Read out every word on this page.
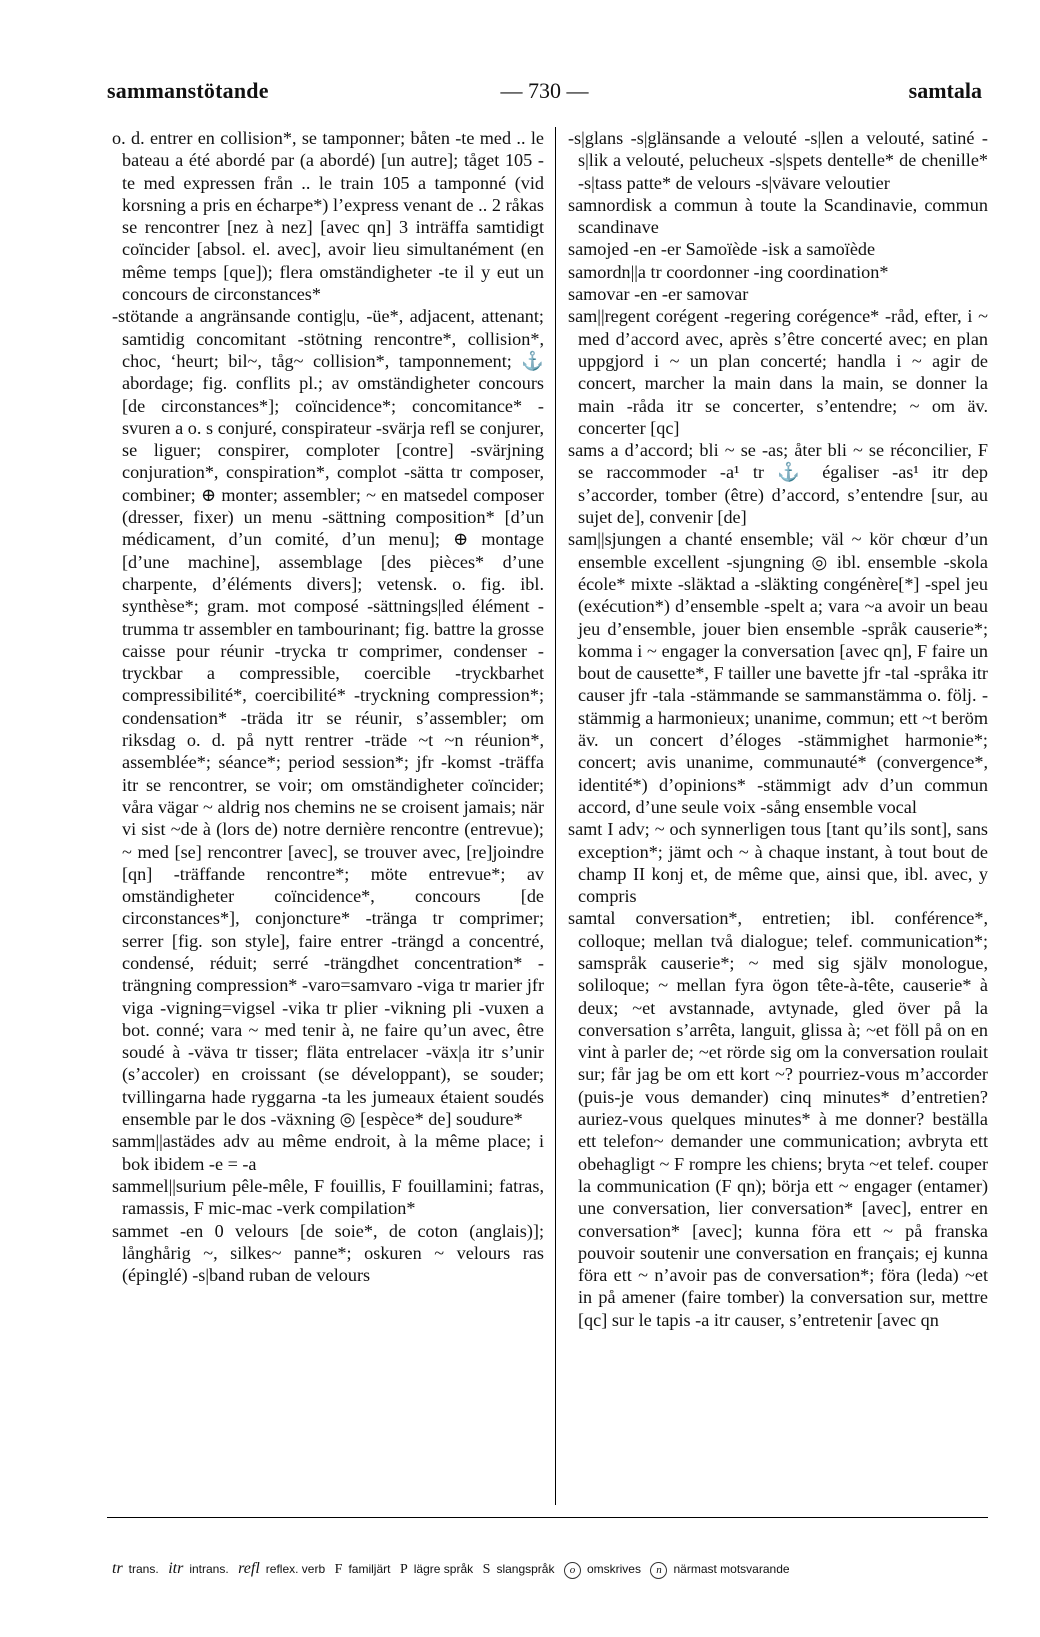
sammanstötande	— 730 —	samtala
o. d. entrer en collision*, se tamponner; båten -te med .. le bateau a été abordé par (a abordé) [un autre]; tåget 105 -te med expressen från .. le train 105 a tamponné (vid korsning a pris en écharpe*) l’express venant de .. 2 råkas se rencontrer [nez à nez] [avec qn] 3 inträffa samtidigt coïncider [absol. el. avec], avoir lieu simultanément (en même temps [que]); flera omständigheter -te il y eut un concours de circonstances*
-stötande a angränsande contig|u, -üe*, adjacent, attenant; samtidig concomitant -stötning rencontre*, collision*, choc, ‘heurt; bil~, tåg~ collision*, tamponnement; ⚓ abordage; fig. conflits pl.; av omständigheter concours [de circonstances*]; coïncidence*; concomitance* -svuren a o. s conjuré, conspirateur -svärja refl se conjurer, se liguer; conspirer, comploter [contre] -svärjning conjuration*, conspiration*, complot -sätta tr composer, combiner; ⊕ monter; assembler; ~ en matsedel composer (dresser, fixer) un menu -sättning composition* [d’un médicament, d’un comité, d’un menu]; ⊕ montage [d’une machine], assemblage [des pièces* d’une charpente, d’éléments divers]; vetensk. o. fig. ibl. synthèse*; gram. mot composé -sättnings|led élément -trumma tr assembler en tambourinant; fig. battre la grosse caisse pour réunir -trycka tr comprimer, condenser -tryckbar a compressible, coercible -tryckbarhet compressibilité*, coercibilité* -tryckning compression*; condensation* -träda itr se réunir, s’assembler; om riksdag o. d. på nytt rentrer -träde ~t ~n réunion*, assemblée*; séance*; period session*; jfr -komst -träffa itr se rencontrer, se voir; om omständigheter coïncider; våra vägar ~ aldrig nos chemins ne se croisent jamais; när vi sist ~de à (lors de) notre dernière rencontre (entrevue); ~ med [se] rencontrer [avec], se trouver avec, [re]joindre [qn] -träffande rencontre*; möte entrevue*; av omständigheter coïncidence*, concours [de circonstances*], conjoncture* -tränga tr comprimer; serrer [fig. son style], faire entrer -trängd a concentré, condensé, réduit; serré -trängdhet concentration* -trängning compression* -varo=samvaro -viga tr marier jfr viga -vigning=vigsel -vika tr plier -vikning pli -vuxen a bot. conné; vara ~ med tenir à, ne faire qu’un avec, être soudé à -väva tr tisser; fläta entrelacer -väx|a itr s’unir (s’accoler) en croissant (se développant), se souder; tvillingarna hade ryggarna -ta les jumeaux étaient soudés ensemble par le dos -växning ◎ [espèce* de] soudure*
samm||astädes adv au même endroit, à la même place; i bok ibidem -e = -a
sammel||surium pêle-mêle, F fouillis, F fouillamini; fatras, ramassis, F mic-mac -verk compilation*
sammet -en 0 velours [de soie*, de coton (anglais)]; långhårig ~, silkes~ panne*; oskuren ~ velours ras (épinglé) -s|band ruban de velours
-s|glans -s|glänsande a velouté -s|len a velouté, satiné -s|lik a velouté, pelucheux -s|spets dentelle* de chenille* -s|tass patte* de velours -s|vävare veloutier
samnordisk a commun à toute la Scandinavie, commun scandinave
samojed -en -er Samoïède -isk a samoïède
samordn||a tr coordonner -ing coordination*
samovar -en -er samovar
sam||regent corégent -regering corégence* -råd, efter, i ~ med d’accord avec, après s’être concerté avec; en plan uppgjord i ~ un plan concerté; handla i ~ agir de concert, marcher la main dans la main, se donner la main -råda itr se concerter, s’entendre; ~ om äv. concerter [qc]
sams a d’accord; bli ~ se -as; åter bli ~ se réconcilier, F se raccommoder -a¹ tr ⚓ égaliser -as¹ itr dep s’accorder, tomber (être) d’accord, s’entendre [sur, au sujet de], convenir [de]
sam||sjungen a chanté ensemble; väl ~ kör chœur d’un ensemble excellent -sjungning ◎ ibl. ensemble -skola école* mixte -släktad a -släkting congénère[*] -spel jeu (exécution*) d’ensemble -spelt a; vara ~a avoir un beau jeu d’ensemble, jouer bien ensemble -språk causerie*; komma i ~ engager la conversation [avec qn], F faire un bout de causette*, F tailler une bavette jfr -tal -språka itr causer jfr -tala -stämmande se sammanstämma o. följ. -stämmig a harmonieux; unanime, commun; ett ~t beröm äv. un concert d’éloges -stämmighet harmonie*; concert; avis unanime, communauté* (convergence*, identité*) d’opinions* -stämmigt adv d’un commun accord, d’une seule voix -sång ensemble vocal
samt I adv; ~ och synnerligen tous [tant qu’ils sont], sans exception*; jämt och ~ à chaque instant, à tout bout de champ II konj et, de même que, ainsi que, ibl. avec, y compris
samtal conversation*, entretien; ibl. conférence*, colloque; mellan två dialogue; telef. communication*; samspråk causerie*; ~ med sig själv monologue, soliloque; ~ mellan fyra ögon tête-à-tête, causerie* à deux; ~et avstannade, avtynade, gled över på la conversation s’arrêta, languit, glissa à; ~et föll på on en vint à parler de; ~et rörde sig om la conversation roulait sur; får jag be om ett kort ~? pourriez-vous m’accorder (puis-je vous demander) cinq minutes* d’entretien? auriez-vous quelques minutes* à me donner? beställa ett telefon~ demander une communication; avbryta ett obehagligt ~ F rompre les chiens; bryta ~et telef. couper la communication (F qn); börja ett ~ engager (entamer) une conversation, lier conversation* [avec], entrer en conversation* [avec]; kunna föra ett ~ på franska pouvoir soutenir une conversation en français; ej kunna föra ett ~ n’avoir pas de conversation*; föra (leda) ~et in på amener (faire tomber) la conversation sur, mettre [qc] sur le tapis -a itr causer, s’entretenir [avec qn
tr trans. itr intrans. refl reflex. verb F familjärt P lägre språk S slangspråk o omskrives n närmast motsvarande
